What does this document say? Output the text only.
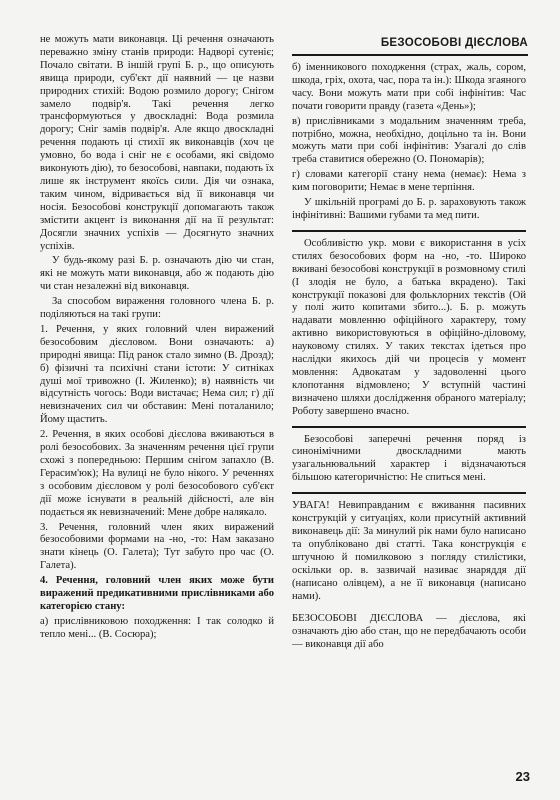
не можуть мати виконавця. Ці речення означають переважно зміну станів природи: Надворі сутеніє; Почало світати. В іншій групі Б. р., що описують явища природи, суб'єкт дії наявний — це назви природних стихій: Водою розмило дорогу; Снігом замело подвір'я. Такі речення легко трансформуються у двоскладні: Вода розмила дорогу; Сніг замів подвір'я. Але якщо двоскладні речення подають ці стихії як виконавців (хоч це умовно, бо вода і сніг не є особами, які свідомо виконують дію), то безособові, навпаки, подають їх лише як інструмент якоїсь сили. Дія чи ознака, таким чином, відривається від її виконавця чи носія. Безособові конструкції допомагають також змістити акцент із виконання дії на її результат: Досягли значних успіхів — Досягнуто значних успіхів.

У будь-якому разі Б. р. означають дію чи стан, які не можуть мати виконавця, або ж подають дію чи стан незалежні від виконавця.

За способом вираження головного члена Б. р. поділяються на такі групи:

1. Речення, у яких головний член виражений безособовим дієсловом. Вони означають: а) природні явища: Під ранок стало зимно (В. Дрозд); б) фізичні та психічні стани істоти: У ситніках душі мої тривожно (І. Жиленко); в) наявність чи відсутність чогось: Води вистачає; Нема сил; г) дії невизначених сил чи обставин: Мені поталанило; Йому щастить.

2. Речення, в яких особові дієслова вживаються в ролі безособових. За значенням речення цієї групи схожі з попередньою: Першим снігом запахло (В. Герасим'юк); На вулиці не було нікого. У реченнях з особовим дієсловом у ролі безособового суб'єкт дії може існувати в реальній дійсності, але він подається як невизначений: Мене добре налякало.

3. Речення, головний член яких виражений безособовими формами на -но, -то: Нам заказано знати кінець (О. Галета); Тут забуто про час (О. Галета).

4. Речення, головний член яких може бути виражений предикативними прислівниками або категорією стану:

а) прислівниковою походження: І так солодко й тепло мені... (В. Сосюра);

БЕЗОСОБОВІ ДІЄСЛОВА

б) іменникового походження (страх, жаль, сором, шкода, гріх, охота, час, пора та ін.): Шкода згаяного часу. Вони можуть мати при собі інфінітив: Час почати говорити правду (газета «День»);

в) прислівниками з модальним значенням треба, потрібно, можна, необхідно, доцільно та ін. Вони можуть мати при собі інфінітив: Узагалі до слів треба ставитися обережно (О. Пономарів);

г) словами категорії стану нема (немає): Нема з ким поговорити; Немає в мене терпіння.

У шкільній програмі до Б. р. зараховують також інфінітивні: Вашими губами та мед пити.

Особливістю укр. мови є використання в усіх стилях безособових форм на -но, -то. Широко вживані безособові конструкції в розмовному стилі (І злодія не було, а батька вкрадено). Такі конструкції показові для фольклорних текстів (Ой у полі жито копитами збито...). Б. р. можуть надавати мовленню офіційного характеру, тому активно використовуються в офіційно-діловому, науковому стилях. У таких текстах ідеться про наслідки якихось дій чи процесів у момент мовлення: Адвокатам у задоволенні цього клопотання відмовлено; У вступній частині визначено шляхи дослідження обраного матеріалу; Роботу завершено вчасно.

Безособові заперечні речення поряд із синонімічними двоскладними мають узагальнювальний характер і відзначаються більшою категоричністю: Не спиться мені.

УВАГА! Невиправданим є вживання пасивних конструкцій у ситуаціях, коли присутній активний виконавець дії: За минулий рік нами було написано та опубліковано дві статті. Така конструкція є штучною й помилковою з погляду стилістики, оскільки ор. в. зазвичай називає знаряддя дії (написано олівцем), а не її виконавця (написано нами).

БЕЗОСОБОВІ ДІЄСЛОВА — дієслова, які означають дію або стан, що не передбачають особи — виконавця дії або

23
